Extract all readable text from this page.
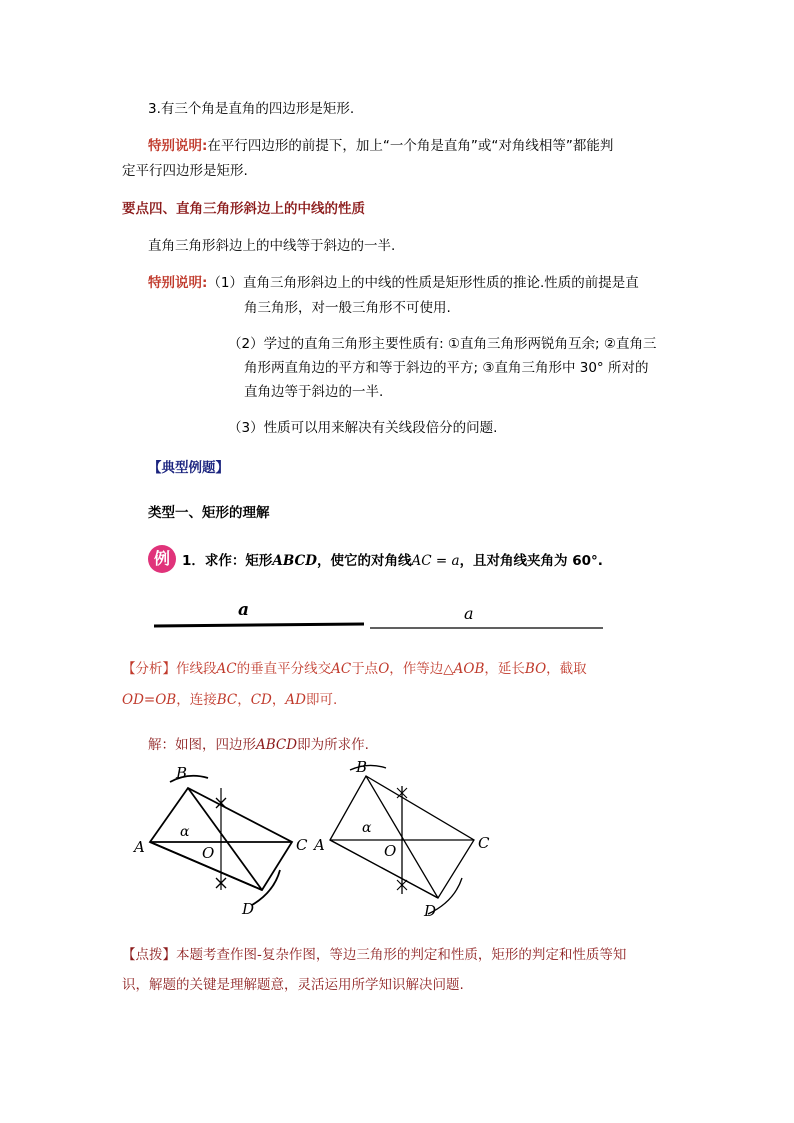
3.有三个角是直角的四边形是矩形.
特别说明:在平行四边形的前提下，加上“一个角是直角”或“对角线相等”都能判
定平行四边形是矩形.
要点四、直角三角形斜边上的中线的性质
直角三角形斜边上的中线等于斜边的一半.
特别说明:（1）直角三角形斜边上的中线的性质是矩形性质的推论.性质的前提是直
角三角形，对一般三角形不可使用.
（2）学过的直角三角形主要性质有: ①直角三角形两锐角互余; ②直角三
角形两直角边的平方和等于斜边的平方; ③直角三角形中 30° 所对的
直角边等于斜边的一半.
（3）性质可以用来解决有关线段倍分的问题.
【典型例题】
类型一、矩形的理解
例 1．求作：矩形ABCD，使它的对角线AC = a，且对角线夹角为 60°.
a	a
【分析】作线段AC的垂直平分线交AC于点O，作等边△AOB，延长BO，截取
OD=OB，连接BC，CD，AD即可.
解：如图，四边形ABCD即为所求作.
A
B
C
D
O
α
A
B
C
D
O
α
【点拨】本题考查作图-复杂作图，等边三角形的判定和性质，矩形的判定和性质等知
识，解题的关键是理解题意，灵活运用所学知识解决问题.
